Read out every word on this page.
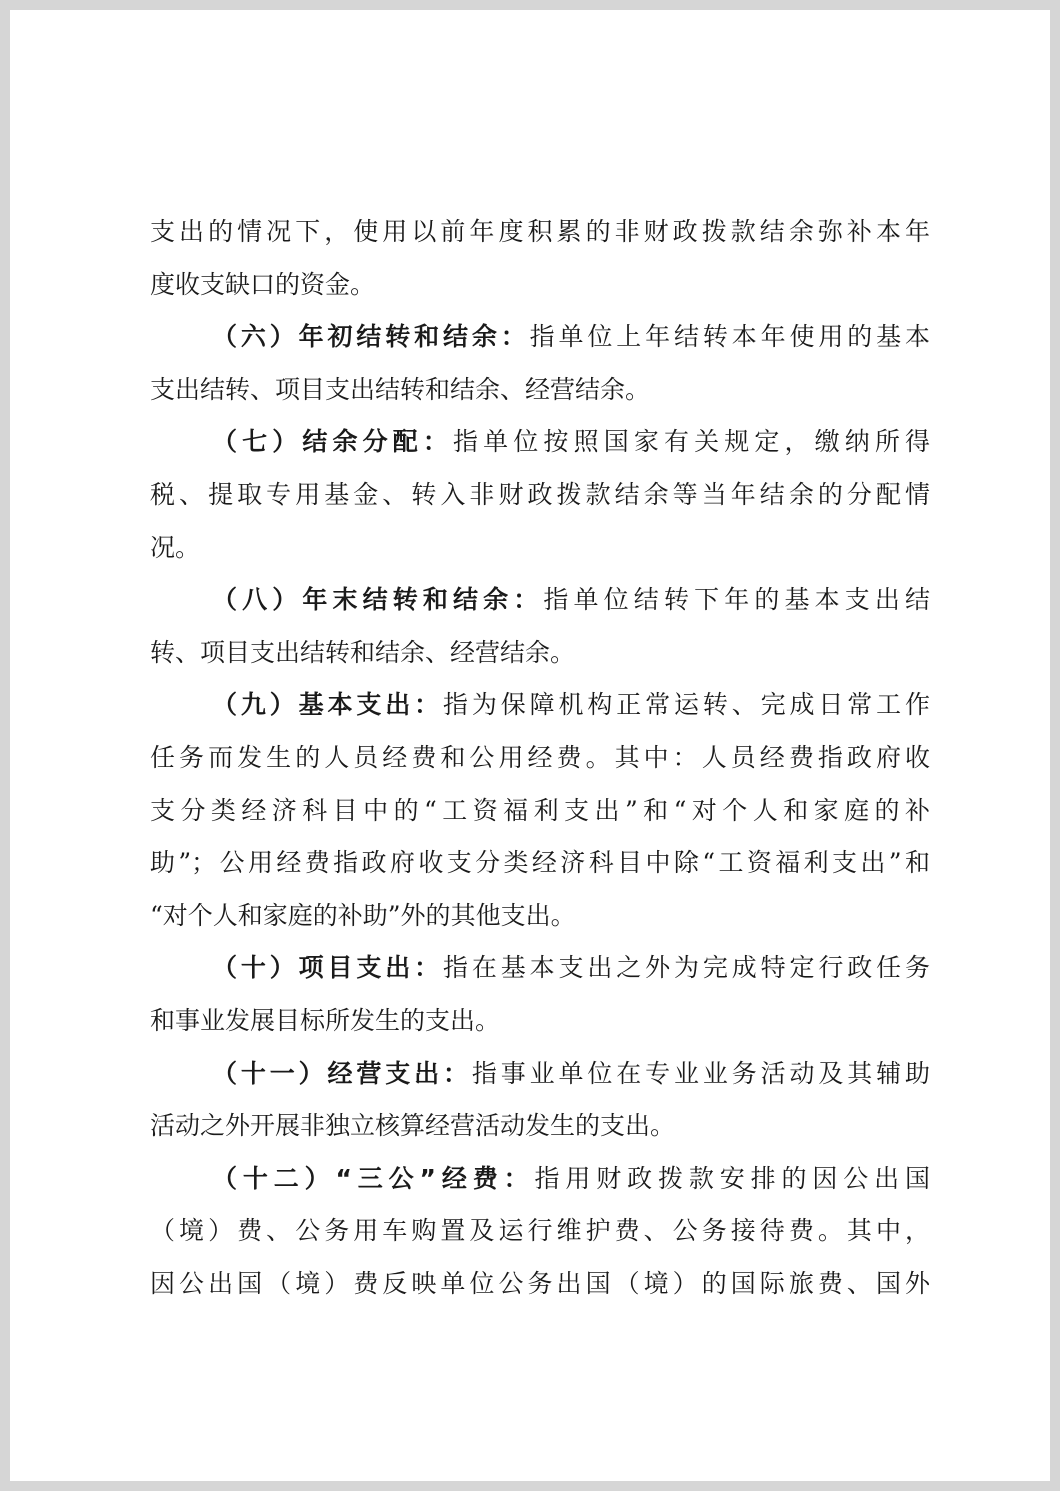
支出的情况下，使用以前年度积累的非财政拨款结余弥补本年
度收支缺口的资金。
（六）年初结转和结余：指单位上年结转本年使用的基本
支出结转、项目支出结转和结余、经营结余。
（七）结余分配：指单位按照国家有关规定，缴纳所得
税、提取专用基金、转入非财政拨款结余等当年结余的分配情
况。
（八）年末结转和结余：指单位结转下年的基本支出结
转、项目支出结转和结余、经营结余。
（九）基本支出：指为保障机构正常运转、完成日常工作
任务而发生的人员经费和公用经费。其中：人员经费指政府收
支分类经济科目中的“工资福利支出”和“对个人和家庭的补
助”；公用经费指政府收支分类经济科目中除“工资福利支出”和
“对个人和家庭的补助”外的其他支出。
（十）项目支出：指在基本支出之外为完成特定行政任务
和事业发展目标所发生的支出。
（十一）经营支出：指事业单位在专业业务活动及其辅助
活动之外开展非独立核算经营活动发生的支出。
（十二）“三公”经费：指用财政拨款安排的因公出国
（境）费、公务用车购置及运行维护费、公务接待费。其中，
因公出国（境）费反映单位公务出国（境）的国际旅费、国外
